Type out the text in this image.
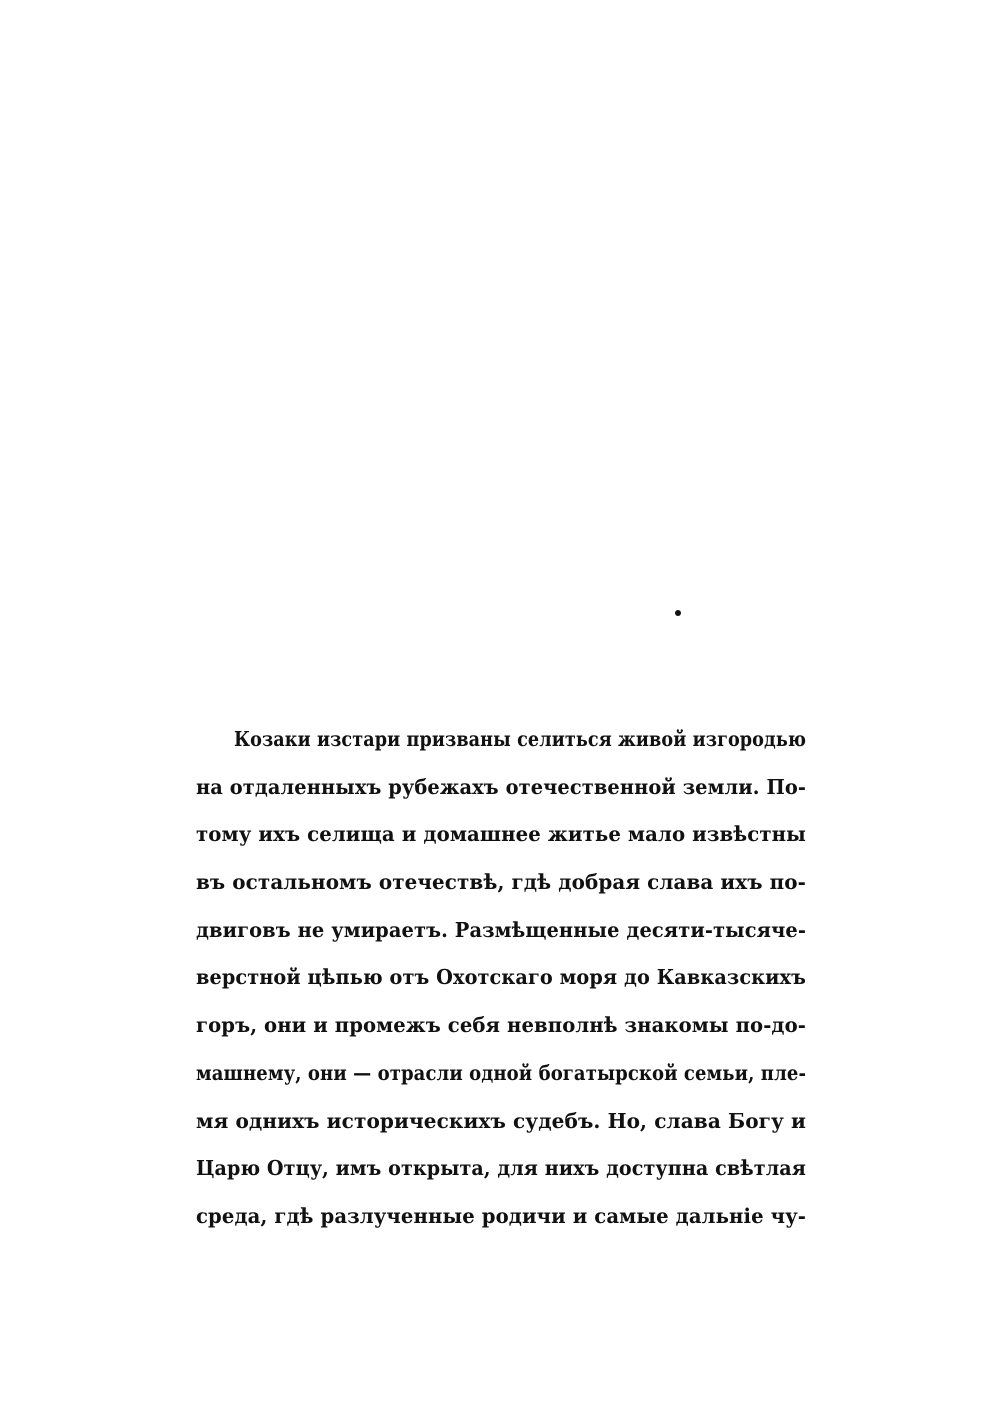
Козаки изстари призваны селиться живой изгородью
на отдаленныхъ рубежахъ отечественной земли. По-
тому ихъ селища и домашнее житье мало извѣстны
въ остальномъ отечествѣ, гдѣ добрая слава ихъ по-
двиговъ не умираетъ. Размѣщенные десяти-тысяче-
верстной цѣпью отъ Охотскаго моря до Кавказскихъ
горъ, они и промежъ себя невполнѣ знакомы по-до-
машнему, они — отрасли одной богатырской семьи, пле-
мя однихъ историческихъ судебъ. Но, слава Богу и
Царю Отцу, имъ открыта, для нихъ доступна свѣтлая
среда, гдѣ разлученные родичи и самые дальнiе чу-
